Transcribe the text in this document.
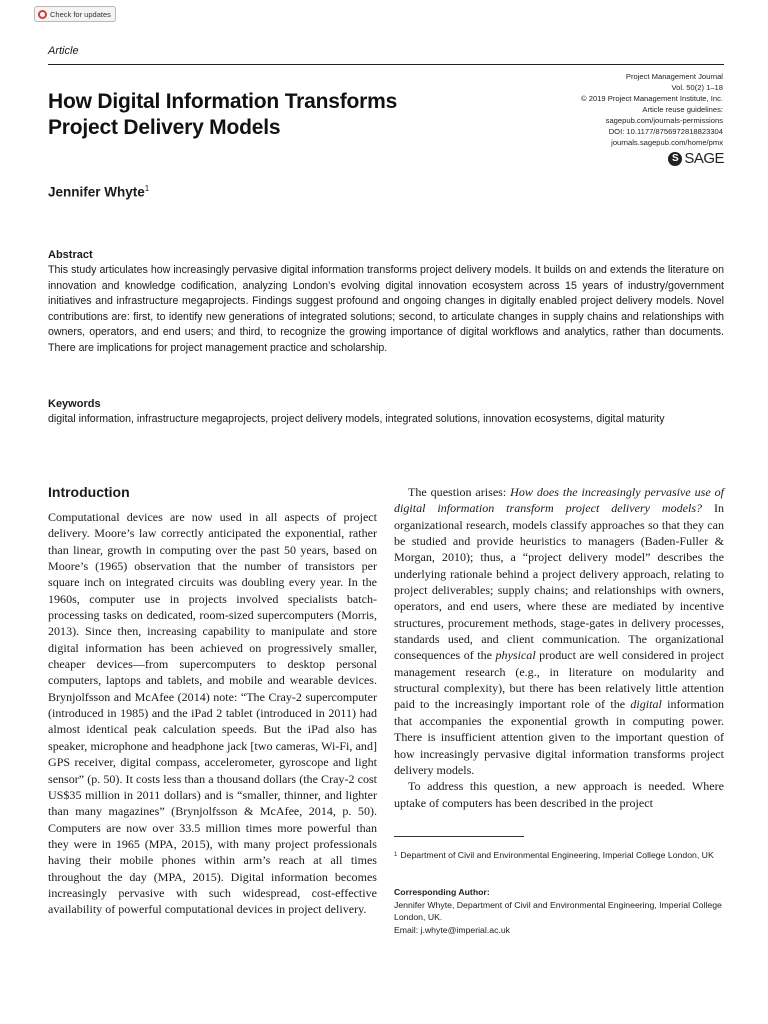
Check for updates
Article
Project Management Journal
Vol. 50(2) 1–18
© 2019 Project Management Institute, Inc.
Article reuse guidelines:
sagepub.com/journals-permissions
DOI: 10.1177/8756972818823304
journals.sagepub.com/home/pmx
S SAGE
How Digital Information Transforms
Project Delivery Models
Jennifer Whyte$^1$
Abstract
This study articulates how increasingly pervasive digital information transforms project delivery models. It builds on and extends the literature on innovation and knowledge codification, analyzing London’s evolving digital innovation ecosystem across 15 years of industry/government initiatives and infrastructure megaprojects. Findings suggest profound and ongoing changes in digitally enabled project delivery models. Novel contributions are: first, to identify new generations of integrated solutions; second, to articulate changes in supply chains and relationships with owners, operators, and end users; and third, to recognize the growing importance of digital workflows and analytics, rather than documents. There are implications for project management practice and scholarship.
Keywords
digital information, infrastructure megaprojects, project delivery models, integrated solutions, innovation ecosystems, digital maturity
Introduction

Computational devices are now used in all aspects of project delivery. Moore’s law correctly anticipated the exponential, rather than linear, growth in computing over the past 50 years, based on Moore’s (1965) observation that the number of transistors per square inch on integrated circuits was doubling every year. In the 1960s, computer use in projects involved specialists batch-processing tasks on dedicated, room-sized supercomputers (Morris, 2013). Since then, increasing capability to manipulate and store digital information has been achieved on progressively smaller, cheaper devices—from supercomputers to desktop personal computers, laptops and tablets, and mobile and wearable devices. Brynjolfsson and McAfee (2014) note: “The Cray-2 supercomputer (introduced in 1985) and the iPad 2 tablet (introduced in 2011) had almost identical peak calculation speeds. But the iPad also has speaker, microphone and headphone jack [two cameras, Wi-Fi, and] GPS receiver, digital compass, accelerometer, gyroscope and light sensor” (p. 50). It costs less than a thousand dollars (the Cray-2 cost US$35 million in 2011 dollars) and is “smaller, thinner, and lighter than many magazines” (Brynjolfsson & McAfee, 2014, p. 50). Computers are now over 33.5 million times more powerful than they were in 1965 (MPA, 2015), with many project professionals having their mobile phones within arm’s reach at all times throughout the day (MPA, 2015). Digital information becomes increasingly pervasive with such widespread, cost-effective availability of powerful computational devices in project delivery.

The question arises: How does the increasingly pervasive use of digital information transform project delivery models? In organizational research, models classify approaches so that they can be studied and provide heuristics to managers (Baden-Fuller & Morgan, 2010); thus, a “project delivery model” describes the underlying rationale behind a project delivery approach, relating to project deliverables; supply chains; and relationships with owners, operators, and end users, where these are mediated by incentive structures, procurement methods, stage-gates in delivery processes, standards used, and client communication. The organizational consequences of the physical product are well considered in project management research (e.g., in literature on modularity and structural complexity), but there has been relatively little attention paid to the increasingly important role of the digital information that accompanies the exponential growth in computing power. There is insufficient attention given to the important question of how increasingly pervasive digital information transforms project delivery models.

To address this question, a new approach is needed. Where uptake of computers has been described in the project

$^1$ Department of Civil and Environmental Engineering, Imperial College London, UK
Corresponding Author:
Jennifer Whyte, Department of Civil and Environmental Engineering, Imperial College London, UK.
Email: j.whyte@imperial.ac.uk
